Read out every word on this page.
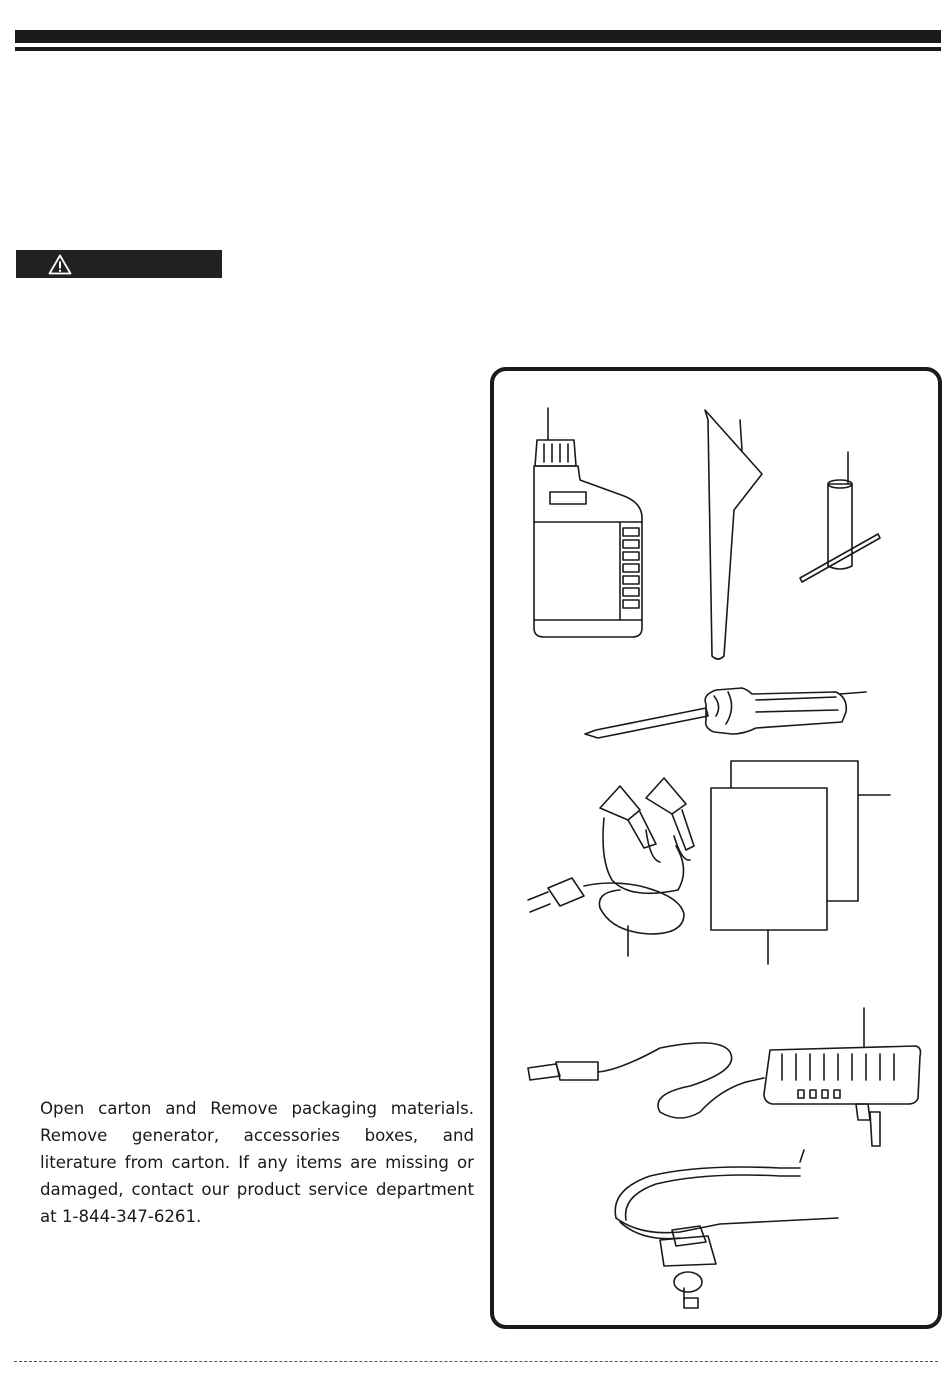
Open carton and Remove packaging materials. Remove generator, accessories boxes, and literature from carton. If any items are missing or damaged, contact our product service department at 1-844-347-6261.
